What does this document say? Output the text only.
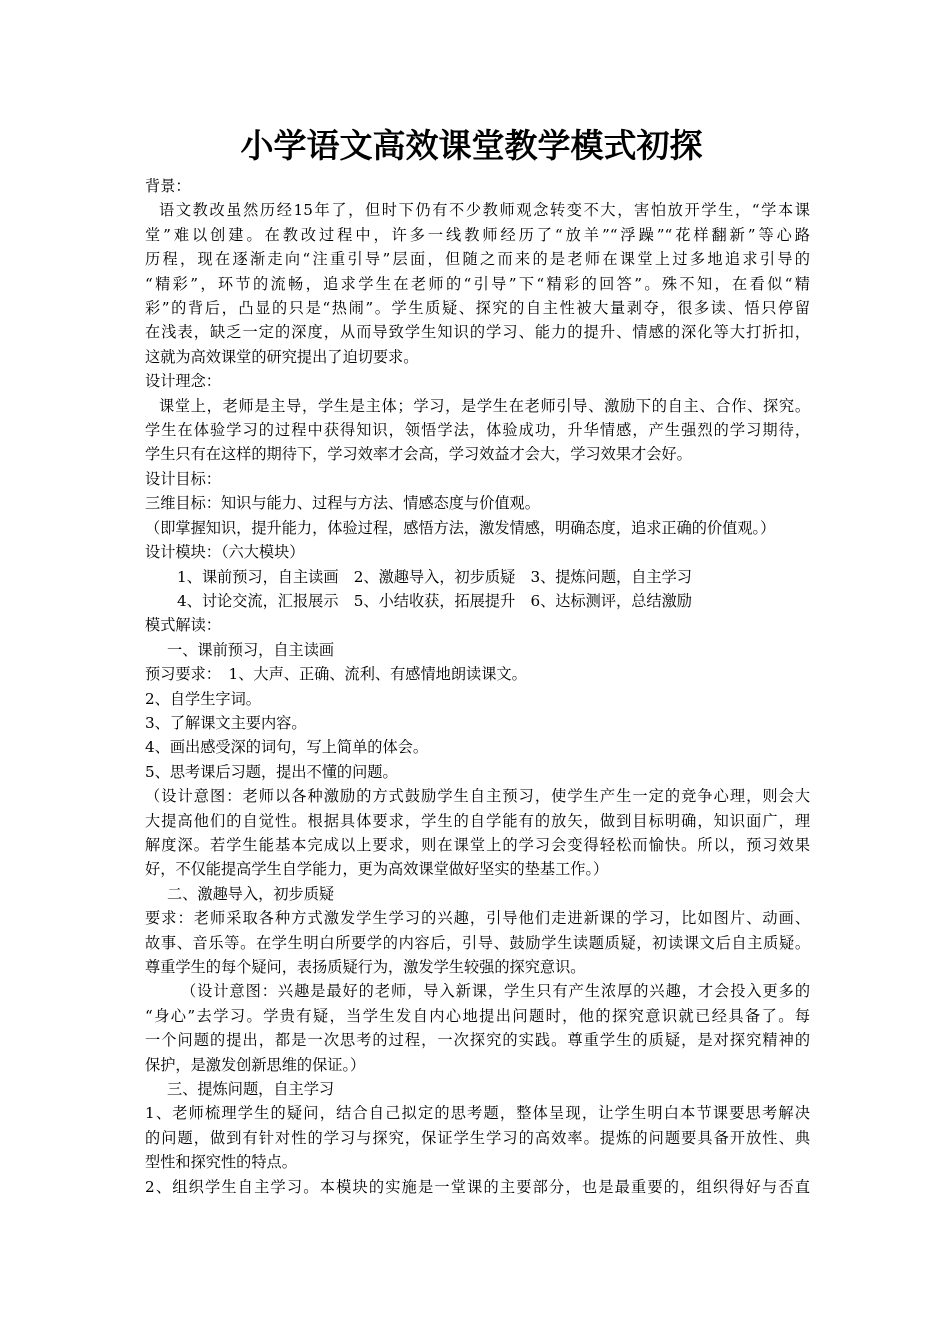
小学语文高效课堂教学模式初探
背景：
语文教改虽然历经15年了，但时下仍有不少教师观念转变不大，害怕放开学生，“学本课
堂”难以创建。在教改过程中，许多一线教师经历了“放羊”“浮躁”“花样翻新”等心路
历程，现在逐渐走向“注重引导”层面，但随之而来的是老师在课堂上过多地追求引导的
“精彩”，环节的流畅，追求学生在老师的“引导”下“精彩的回答”。殊不知，在看似“精
彩”的背后，凸显的只是“热闹”。学生质疑、探究的自主性被大量剥夺，很多读、悟只停留
在浅表，缺乏一定的深度，从而导致学生知识的学习、能力的提升、情感的深化等大打折扣，
这就为高效课堂的研究提出了迫切要求。
设计理念：
课堂上，老师是主导，学生是主体；学习，是学生在老师引导、激励下的自主、合作、探究。
学生在体验学习的过程中获得知识，领悟学法，体验成功，升华情感，产生强烈的学习期待，
学生只有在这样的期待下，学习效率才会高，学习效益才会大，学习效果才会好。
设计目标：
三维目标：知识与能力、过程与方法、情感态度与价值观。
（即掌握知识，提升能力，体验过程，感悟方法，激发情感，明确态度，追求正确的价值观。）
设计模块：（六大模块）
1、课前预习，自主读画　2、激趣导入，初步质疑　3、提炼问题，自主学习
4、讨论交流，汇报展示　5、小结收获，拓展提升　6、达标测评，总结激励
模式解读：
一、课前预习，自主读画
预习要求：　1、大声、正确、流利、有感情地朗读课文。
2、自学生字词。
3、了解课文主要内容。
4、画出感受深的词句，写上简单的体会。
5、思考课后习题，提出不懂的问题。
（设计意图：老师以各种激励的方式鼓励学生自主预习，使学生产生一定的竞争心理，则会大
大提高他们的自觉性。根据具体要求，学生的自学能有的放矢，做到目标明确，知识面广，理
解度深。若学生能基本完成以上要求，则在课堂上的学习会变得轻松而愉快。所以，预习效果
好，不仅能提高学生自学能力，更为高效课堂做好坚实的垫基工作。）
二、激趣导入，初步质疑
要求：老师采取各种方式激发学生学习的兴趣，引导他们走进新课的学习，比如图片、动画、
故事、音乐等。在学生明白所要学的内容后，引导、鼓励学生读题质疑，初读课文后自主质疑。
尊重学生的每个疑问，表扬质疑行为，激发学生较强的探究意识。
（设计意图：兴趣是最好的老师，导入新课，学生只有产生浓厚的兴趣，才会投入更多的
“身心”去学习。学贵有疑，当学生发自内心地提出问题时，他的探究意识就已经具备了。每
一个问题的提出，都是一次思考的过程，一次探究的实践。尊重学生的质疑，是对探究精神的
保护，是激发创新思维的保证。）
三、提炼问题，自主学习
1、老师梳理学生的疑问，结合自己拟定的思考题，整体呈现，让学生明白本节课要思考解决
的问题，做到有针对性的学习与探究，保证学生学习的高效率。提炼的问题要具备开放性、典
型性和探究性的特点。
2、组织学生自主学习。本模块的实施是一堂课的主要部分，也是最重要的，组织得好与否直
